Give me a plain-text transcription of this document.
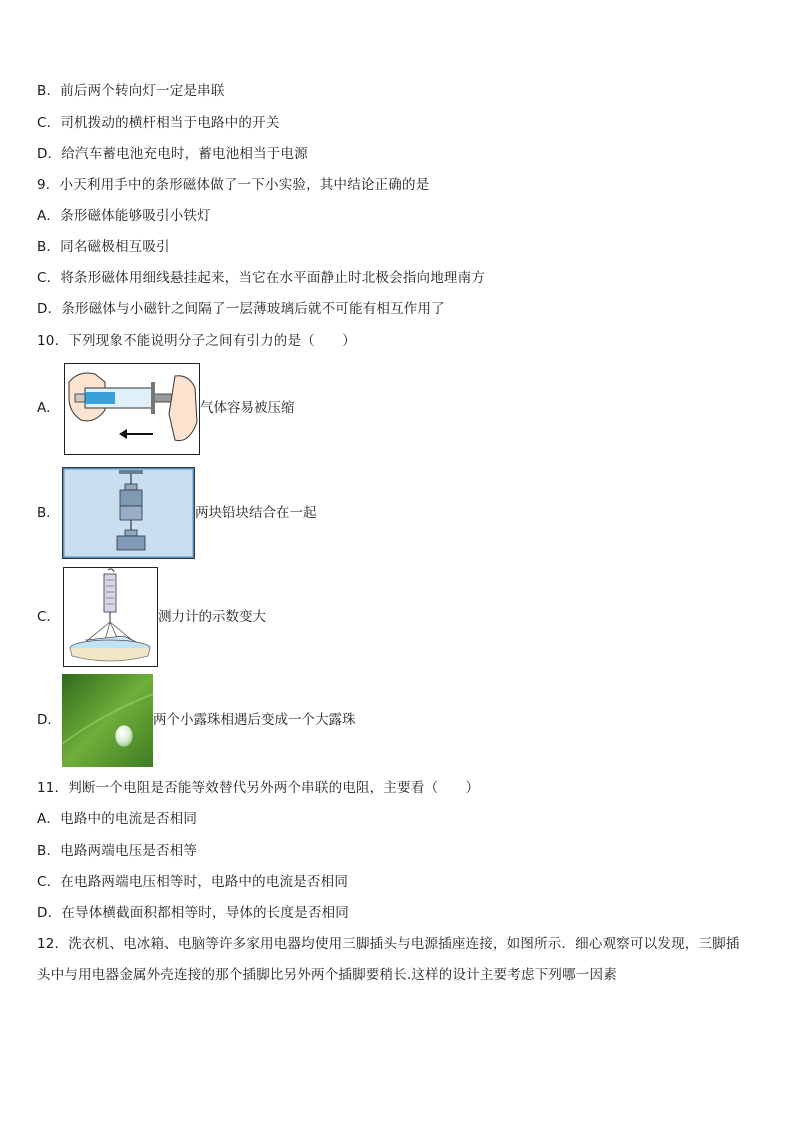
B．前后两个转向灯一定是串联
C．司机拨动的横杆相当于电路中的开关
D．给汽车蓄电池充电时，蓄电池相当于电源
9．小天利用手中的条形磁体做了一下小实验，其中结论正确的是
A．条形磁体能够吸引小铁灯
B．同名磁极相互吸引
C．将条形磁体用细线悬挂起来，当它在水平面静止时北极会指向地理南方
D．条形磁体与小磁针之间隔了一层薄玻璃后就不可能有相互作用了
10．下列现象不能说明分子之间有引力的是（　　）
A．	气体容易被压缩
B．	两块铅块结合在一起
C．	测力计的示数变大
D．	两个小露珠相遇后变成一个大露珠
11．判断一个电阻是否能等效替代另外两个串联的电阻，主要看（　　）
A．电路中的电流是否相同
B．电路两端电压是否相等
C．在电路两端电压相等时，电路中的电流是否相同
D．在导体横截面积都相等时，导体的长度是否相同
12．洗衣机、电冰箱、电脑等许多家用电器均使用三脚插头与电源插座连接，如图所示．细心观察可以发现，三脚插
头中与用电器金属外壳连接的那个插脚比另外两个插脚要稍长.这样的设计主要考虑下列哪一因素
